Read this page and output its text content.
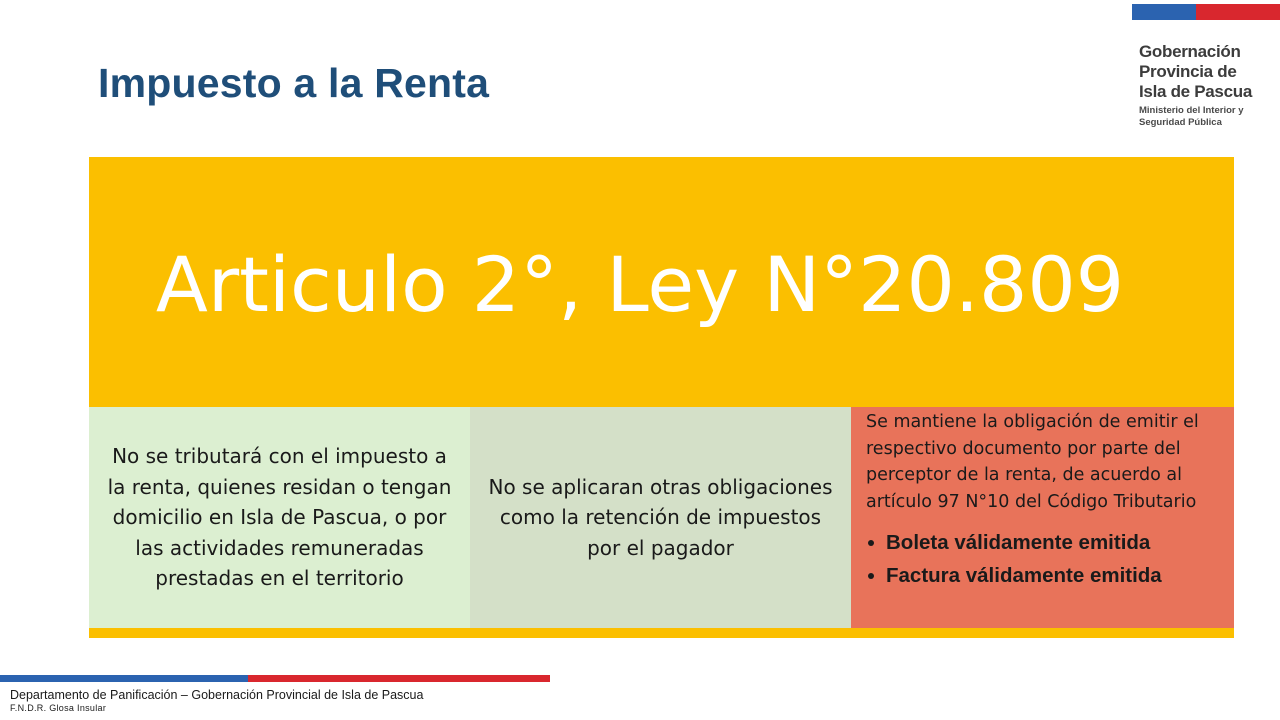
Gobernación
Provincia de
Isla de Pascua
Ministerio del Interior y
Seguridad Pública
Impuesto a la Renta
Articulo 2°, Ley N°20.809

No se tributará con el impuesto a la renta, quienes residan o tengan domicilio en Isla de Pascua, o por las actividades remuneradas prestadas en el territorio

No se aplicaran otras obligaciones como la retención de impuestos por el pagador

Se mantiene la obligación de emitir el respectivo documento por parte del perceptor de la renta, de acuerdo al artículo 97 N°10 del Código Tributario

Boleta válidamente emitida
Factura válidamente emitida
Departamento de Panificación – Gobernación Provincial de Isla de Pascua
F.N.D.R. Glosa Insular
